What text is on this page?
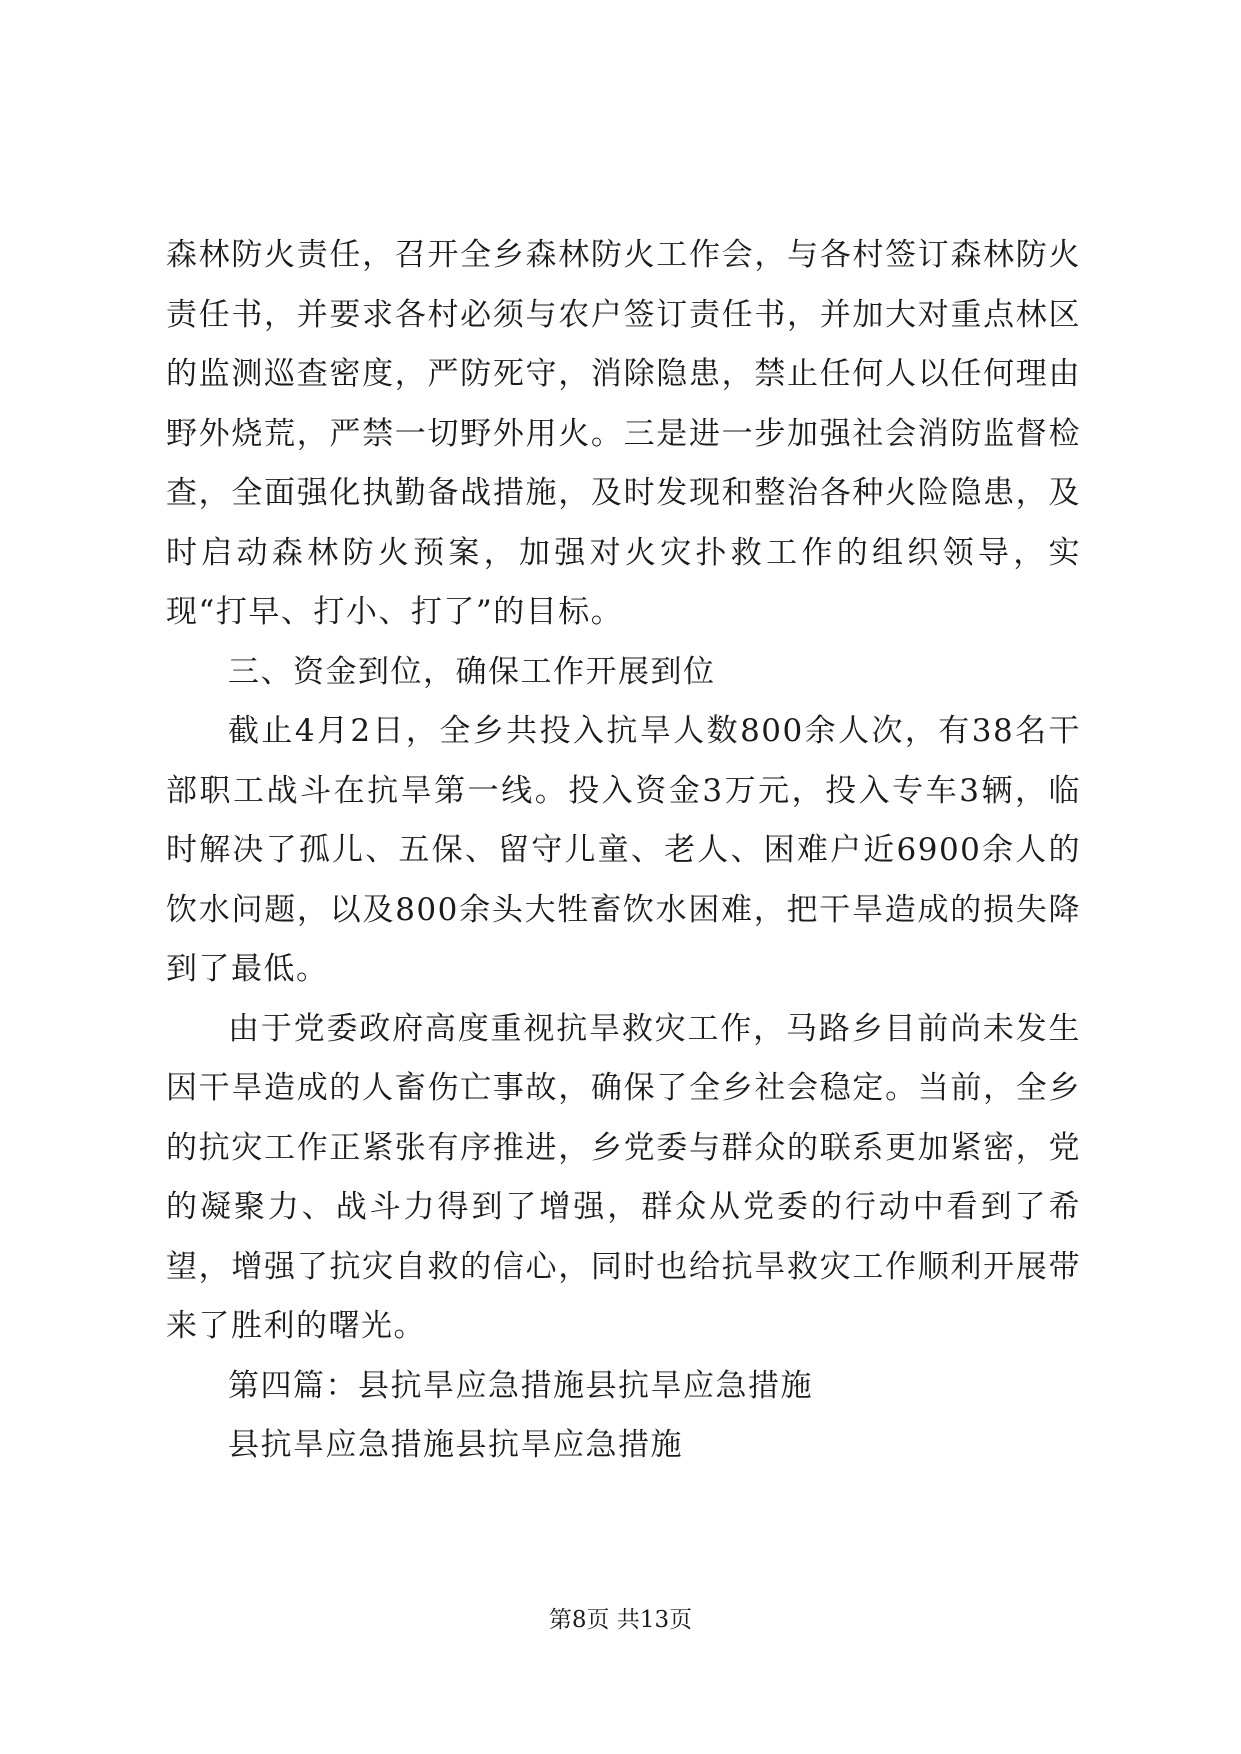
森林防火责任，召开全乡森林防火工作会，与各村签订森林防火责任书，并要求各村必须与农户签订责任书，并加大对重点林区的监测巡查密度，严防死守，消除隐患，禁止任何人以任何理由野外烧荒，严禁一切野外用火。三是进一步加强社会消防监督检查，全面强化执勤备战措施，及时发现和整治各种火险隐患，及时启动森林防火预案，加强对火灾扑救工作的组织领导，实现“打早、打小、打了”的目标。

三、资金到位，确保工作开展到位

截止4月2日，全乡共投入抗旱人数800余人次，有38名干部职工战斗在抗旱第一线。投入资金3万元，投入专车3辆，临时解决了孤儿、五保、留守儿童、老人、困难户近6900余人的饮水问题，以及800余头大牲畜饮水困难，把干旱造成的损失降到了最低。

由于党委政府高度重视抗旱救灾工作，马路乡目前尚未发生因干旱造成的人畜伤亡事故，确保了全乡社会稳定。当前，全乡的抗灾工作正紧张有序推进，乡党委与群众的联系更加紧密，党的凝聚力、战斗力得到了增强，群众从党委的行动中看到了希望，增强了抗灾自救的信心，同时也给抗旱救灾工作顺利开展带来了胜利的曙光。

第四篇：县抗旱应急措施县抗旱应急措施

县抗旱应急措施县抗旱应急措施

第8页 共13页
